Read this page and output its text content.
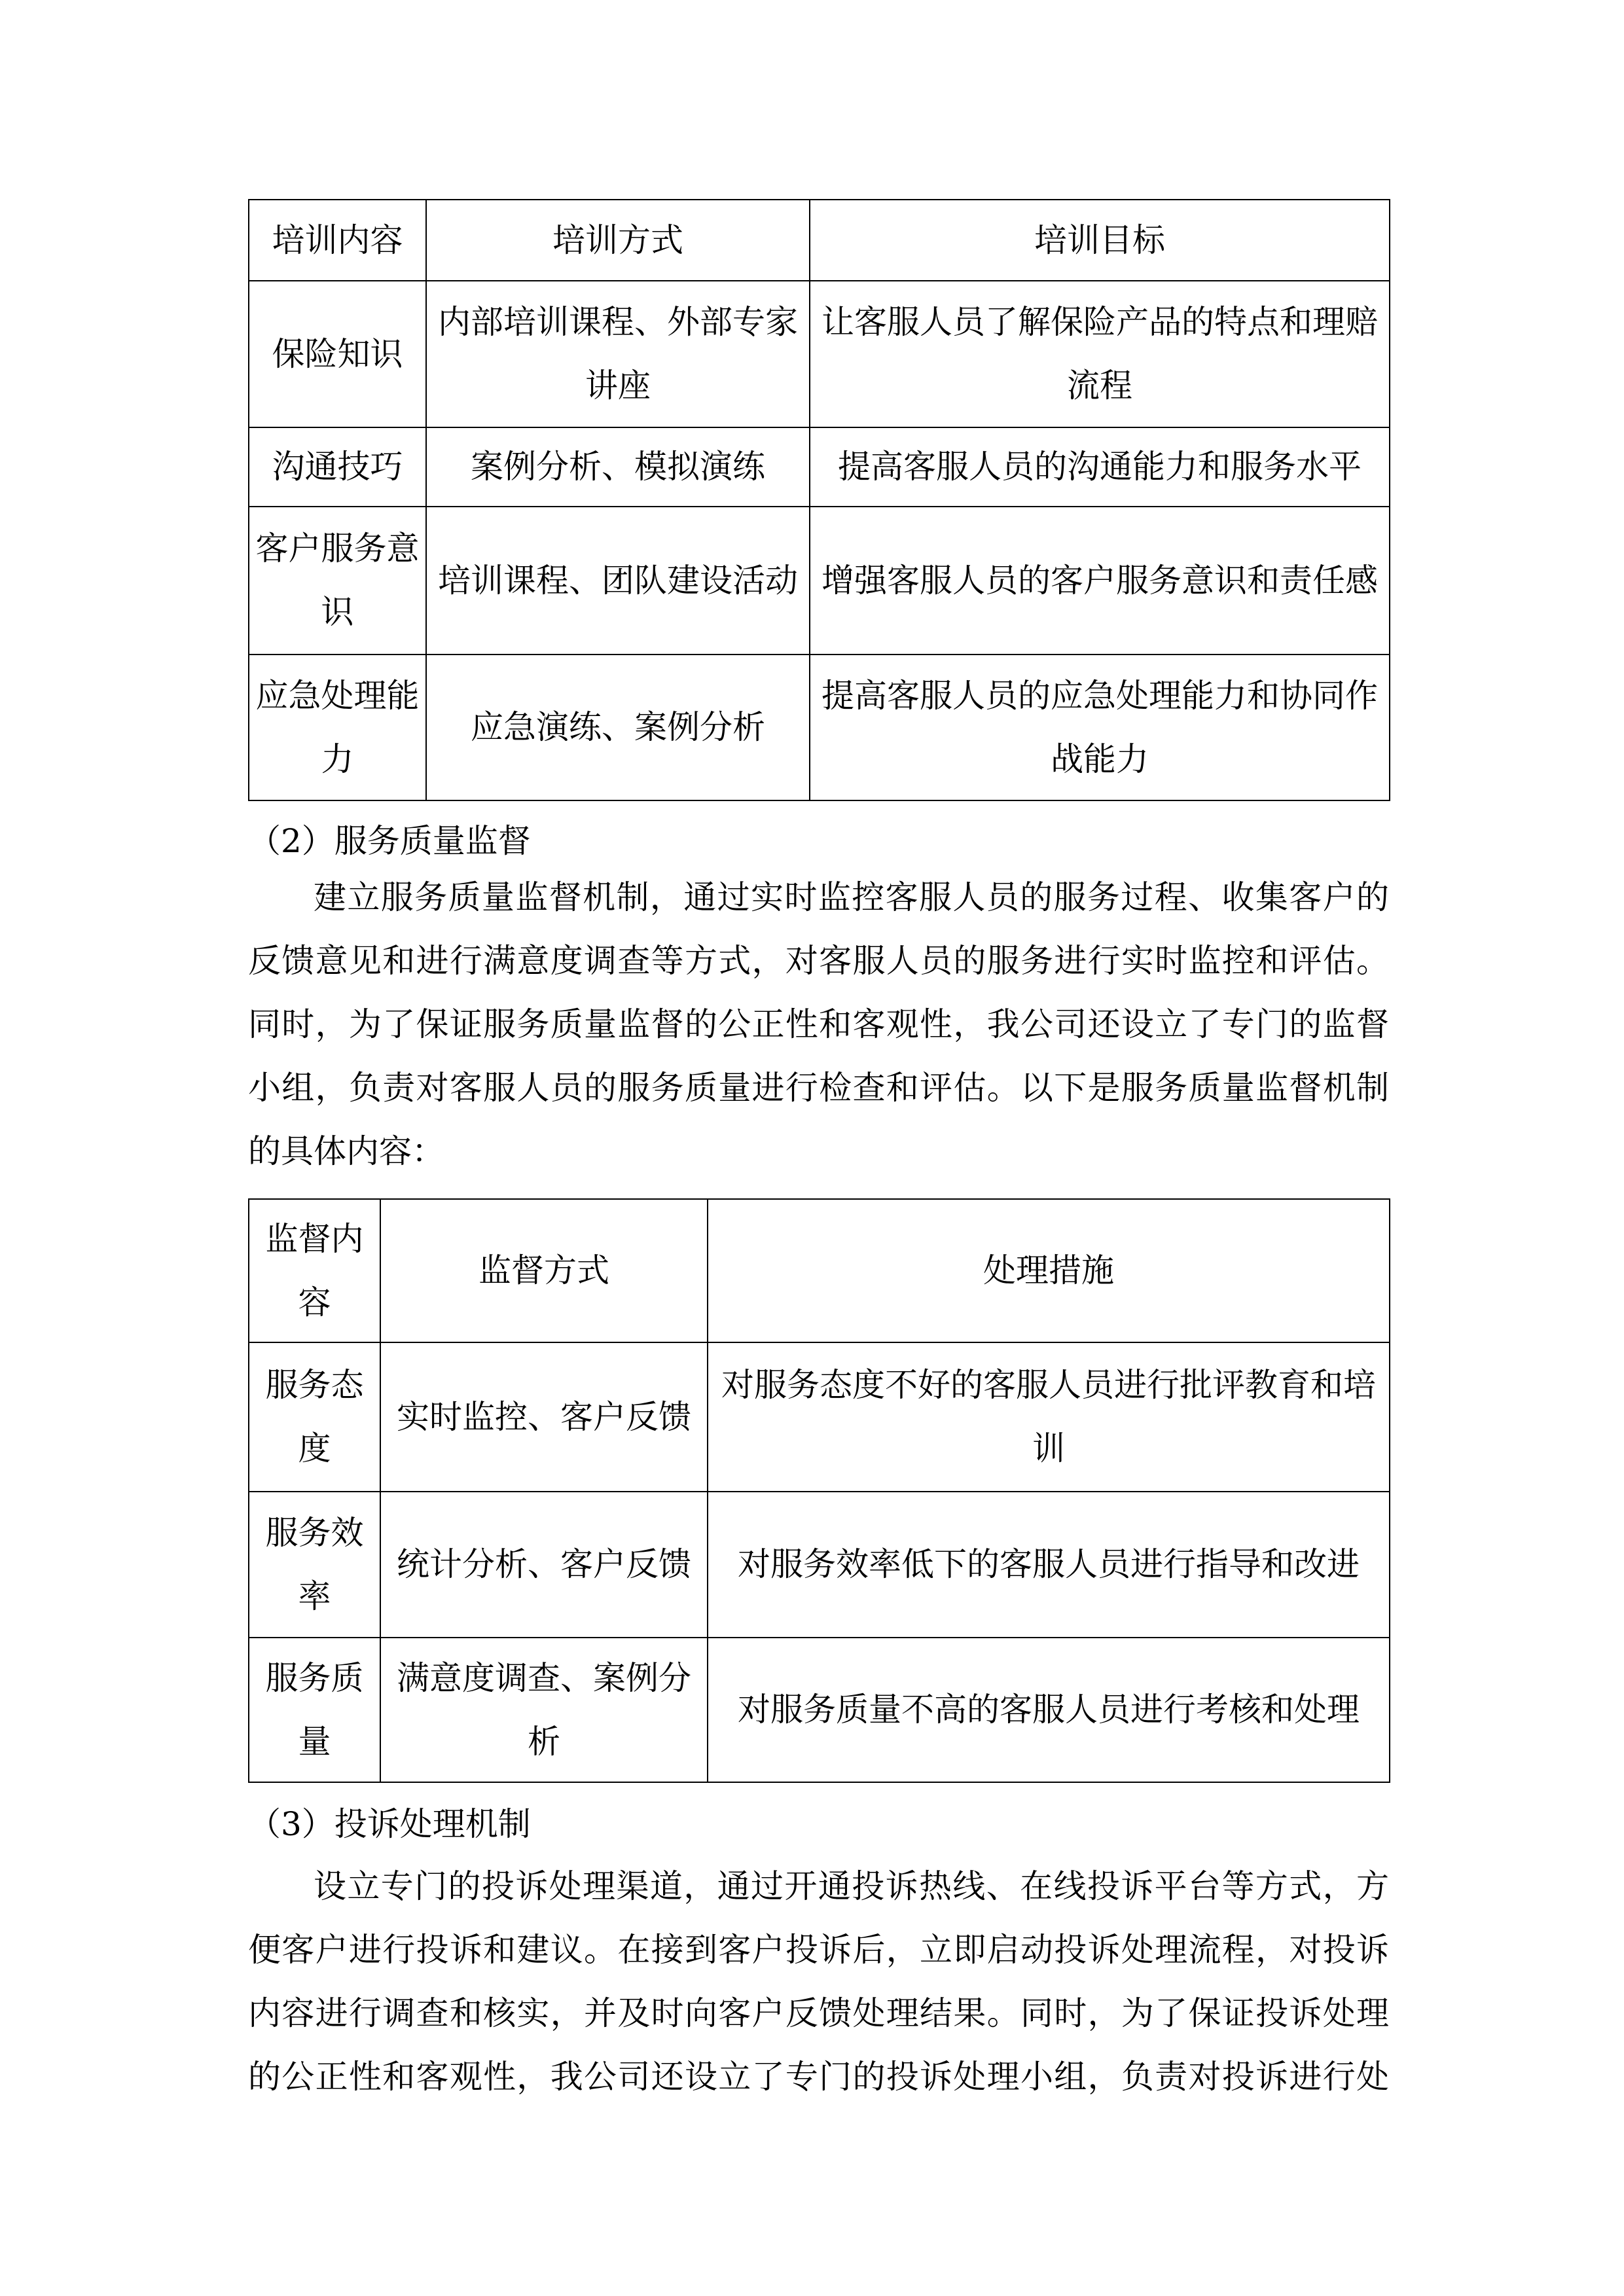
培训内容	培训方式	培训目标
保险知识	内部培训课程、外部专家讲座	让客服人员了解保险产品的特点和理赔流程
沟通技巧	案例分析、模拟演练	提高客服人员的沟通能力和服务水平
客户服务意识	培训课程、团队建设活动	增强客服人员的客户服务意识和责任感
应急处理能力	应急演练、案例分析	提高客服人员的应急处理能力和协同作战能力
（2）服务质量监督
建立服务质量监督机制，通过实时监控客服人员的服务过程、收集客户的
反馈意见和进行满意度调查等方式，对客服人员的服务进行实时监控和评估。
同时，为了保证服务质量监督的公正性和客观性，我公司还设立了专门的监督
小组，负责对客服人员的服务质量进行检查和评估。以下是服务质量监督机制
的具体内容：
监督内容	监督方式	处理措施
服务态度	实时监控、客户反馈	对服务态度不好的客服人员进行批评教育和培训
服务效率	统计分析、客户反馈	对服务效率低下的客服人员进行指导和改进
服务质量	满意度调查、案例分析	对服务质量不高的客服人员进行考核和处理
（3）投诉处理机制
设立专门的投诉处理渠道，通过开通投诉热线、在线投诉平台等方式，方
便客户进行投诉和建议。在接到客户投诉后，立即启动投诉处理流程，对投诉
内容进行调查和核实，并及时向客户反馈处理结果。同时，为了保证投诉处理
的公正性和客观性，我公司还设立了专门的投诉处理小组，负责对投诉进行处
